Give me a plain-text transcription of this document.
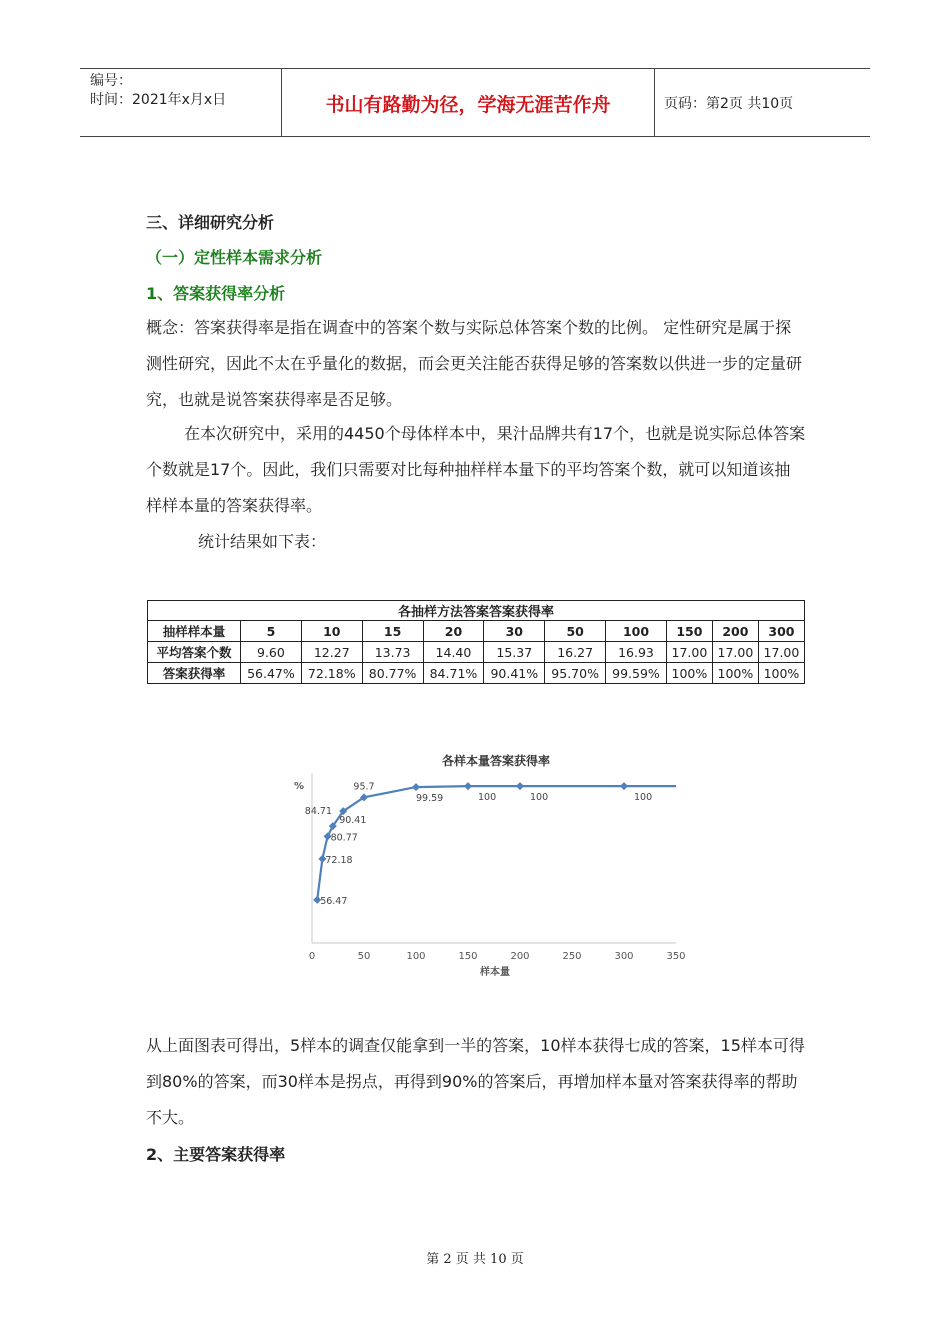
编号：
时间：2021年x月x日	书山有路勤为径，学海无涯苦作舟	页码：第2页 共10页
三、详细研究分析
（一）定性样本需求分析
1、答案获得率分析

概念：答案获得率是指在调查中的答案个数与实际总体答案个数的比例。 定性研究是属于探测性研究，因此不太在乎量化的数据，而会更关注能否获得足够的答案数以供进一步的定量研究，也就是说答案获得率是否足够。

在本次研究中，采用的4450个母体样本中，果汁品牌共有17个，也就是说实际总体答案个数就是17个。因此，我们只需要对比每种抽样样本量下的平均答案个数，就可以知道该抽样样本量的答案获得率。

统计结果如下表：

各抽样方法答案答案获得率										
抽样样本量	5	10	15	20	30	50	100	150	200	300
平均答案个数	9.60	12.27	13.73	14.40	15.37	16.27	16.93	17.00	17.00	17.00
答案获得率	56.47%	72.18%	80.77%	84.71%	90.41%	95.70%	99.59%	100%	100%	100%
各样本量答案获得率
%
0	50	100	150	200	250	300	350
56.47
72.18
80.77
84.71
90.41
95.7
99.59	100	100	100
样本量

从上面图表可得出，5样本的调查仅能拿到一半的答案，10样本获得七成的答案，15样本可得到80%的答案，而30样本是拐点，再得到90%的答案后，再增加样本量对答案获得率的帮助不大。

2、主要答案获得率
第 2 页 共 10 页
